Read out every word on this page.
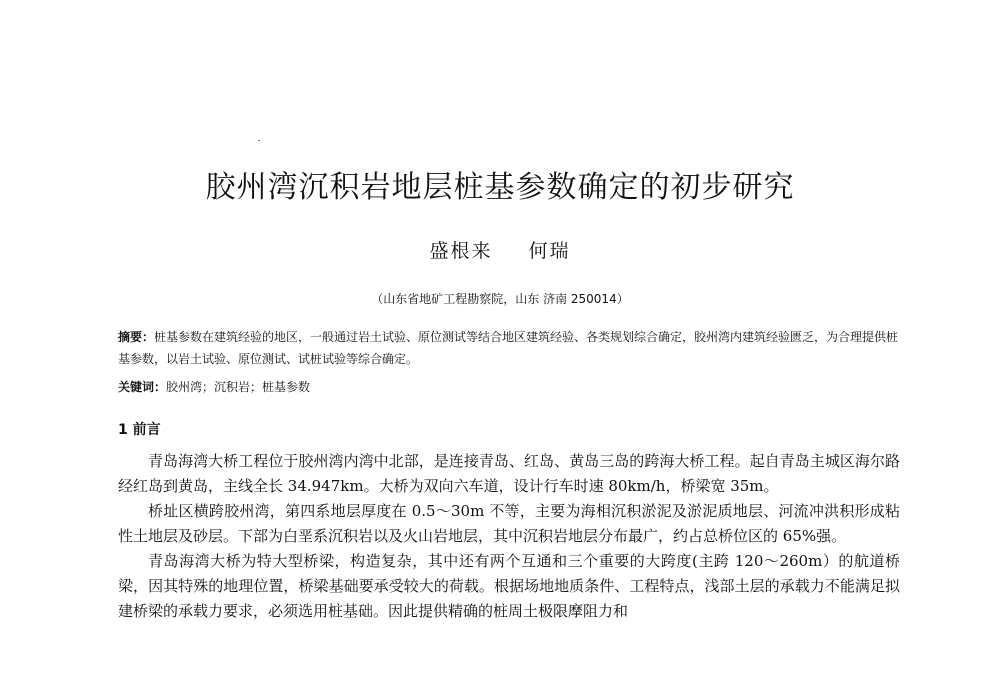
胶州湾沉积岩地层桩基参数确定的初步研究
盛根来 何瑞
（山东省地矿工程勘察院，山东 济南 250014）
摘要：桩基参数在建筑经验的地区，一般通过岩土试验、原位测试等结合地区建筑经验、各类规划综合确定，胶州湾内建筑经验匮乏，为合理提供桩基参数，以岩土试验、原位测试、试桩试验等综合确定。
关键词：胶州湾；沉积岩；桩基参数
1 前言

青岛海湾大桥工程位于胶州湾内湾中北部，是连接青岛、红岛、黄岛三岛的跨海大桥工程。起自青岛主城区海尔路经红岛到黄岛，主线全长 34.947km。大桥为双向六车道，设计行车时速 80km/h，桥梁宽 35m。

桥址区横跨胶州湾，第四系地层厚度在 0.5～30m 不等，主要为海相沉积淤泥及淤泥质地层、河流冲洪积形成粘性土地层及砂层。下部为白垩系沉积岩以及火山岩地层，其中沉积岩地层分布最广，约占总桥位区的 65%强。

青岛海湾大桥为特大型桥梁，构造复杂，其中还有两个互通和三个重要的大跨度(主跨 120～260m）的航道桥梁，因其特殊的地理位置，桥梁基础要承受较大的荷载。根据场地地质条件、工程特点，浅部土层的承载力不能满足拟建桥梁的承载力要求，必须选用桩基础。因此提供精确的桩周土极限摩阻力和
